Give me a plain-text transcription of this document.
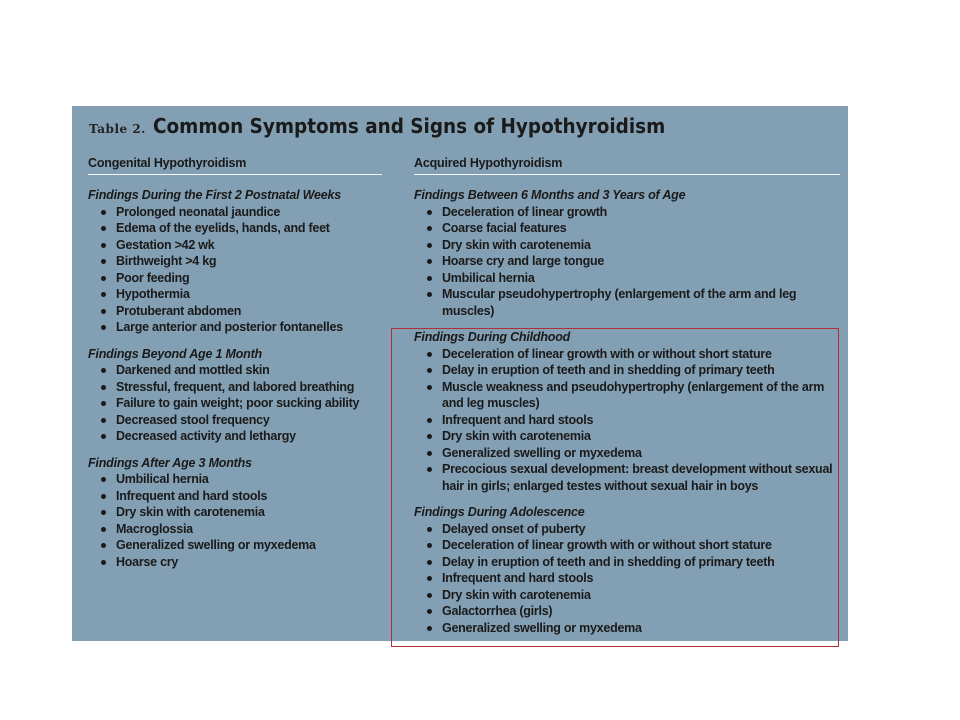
Table 2. Common Symptoms and Signs of Hypothyroidism
Congenital Hypothyroidism
Findings During the First 2 Postnatal Weeks
Prolonged neonatal jaundice
Edema of the eyelids, hands, and feet
Gestation >42 wk
Birthweight >4 kg
Poor feeding
Hypothermia
Protuberant abdomen
Large anterior and posterior fontanelles
Findings Beyond Age 1 Month
Darkened and mottled skin
Stressful, frequent, and labored breathing
Failure to gain weight; poor sucking ability
Decreased stool frequency
Decreased activity and lethargy
Findings After Age 3 Months
Umbilical hernia
Infrequent and hard stools
Dry skin with carotenemia
Macroglossia
Generalized swelling or myxedema
Hoarse cry
Acquired Hypothyroidism
Findings Between 6 Months and 3 Years of Age
Deceleration of linear growth
Coarse facial features
Dry skin with carotenemia
Hoarse cry and large tongue
Umbilical hernia
Muscular pseudohypertrophy (enlargement of the arm and leg muscles)
Findings During Childhood
Deceleration of linear growth with or without short stature
Delay in eruption of teeth and in shedding of primary teeth
Muscle weakness and pseudohypertrophy (enlargement of the arm and leg muscles)
Infrequent and hard stools
Dry skin with carotenemia
Generalized swelling or myxedema
Precocious sexual development: breast development without sexual hair in girls; enlarged testes without sexual hair in boys
Findings During Adolescence
Delayed onset of puberty
Deceleration of linear growth with or without short stature
Delay in eruption of teeth and in shedding of primary teeth
Infrequent and hard stools
Dry skin with carotenemia
Galactorrhea (girls)
Generalized swelling or myxedema
